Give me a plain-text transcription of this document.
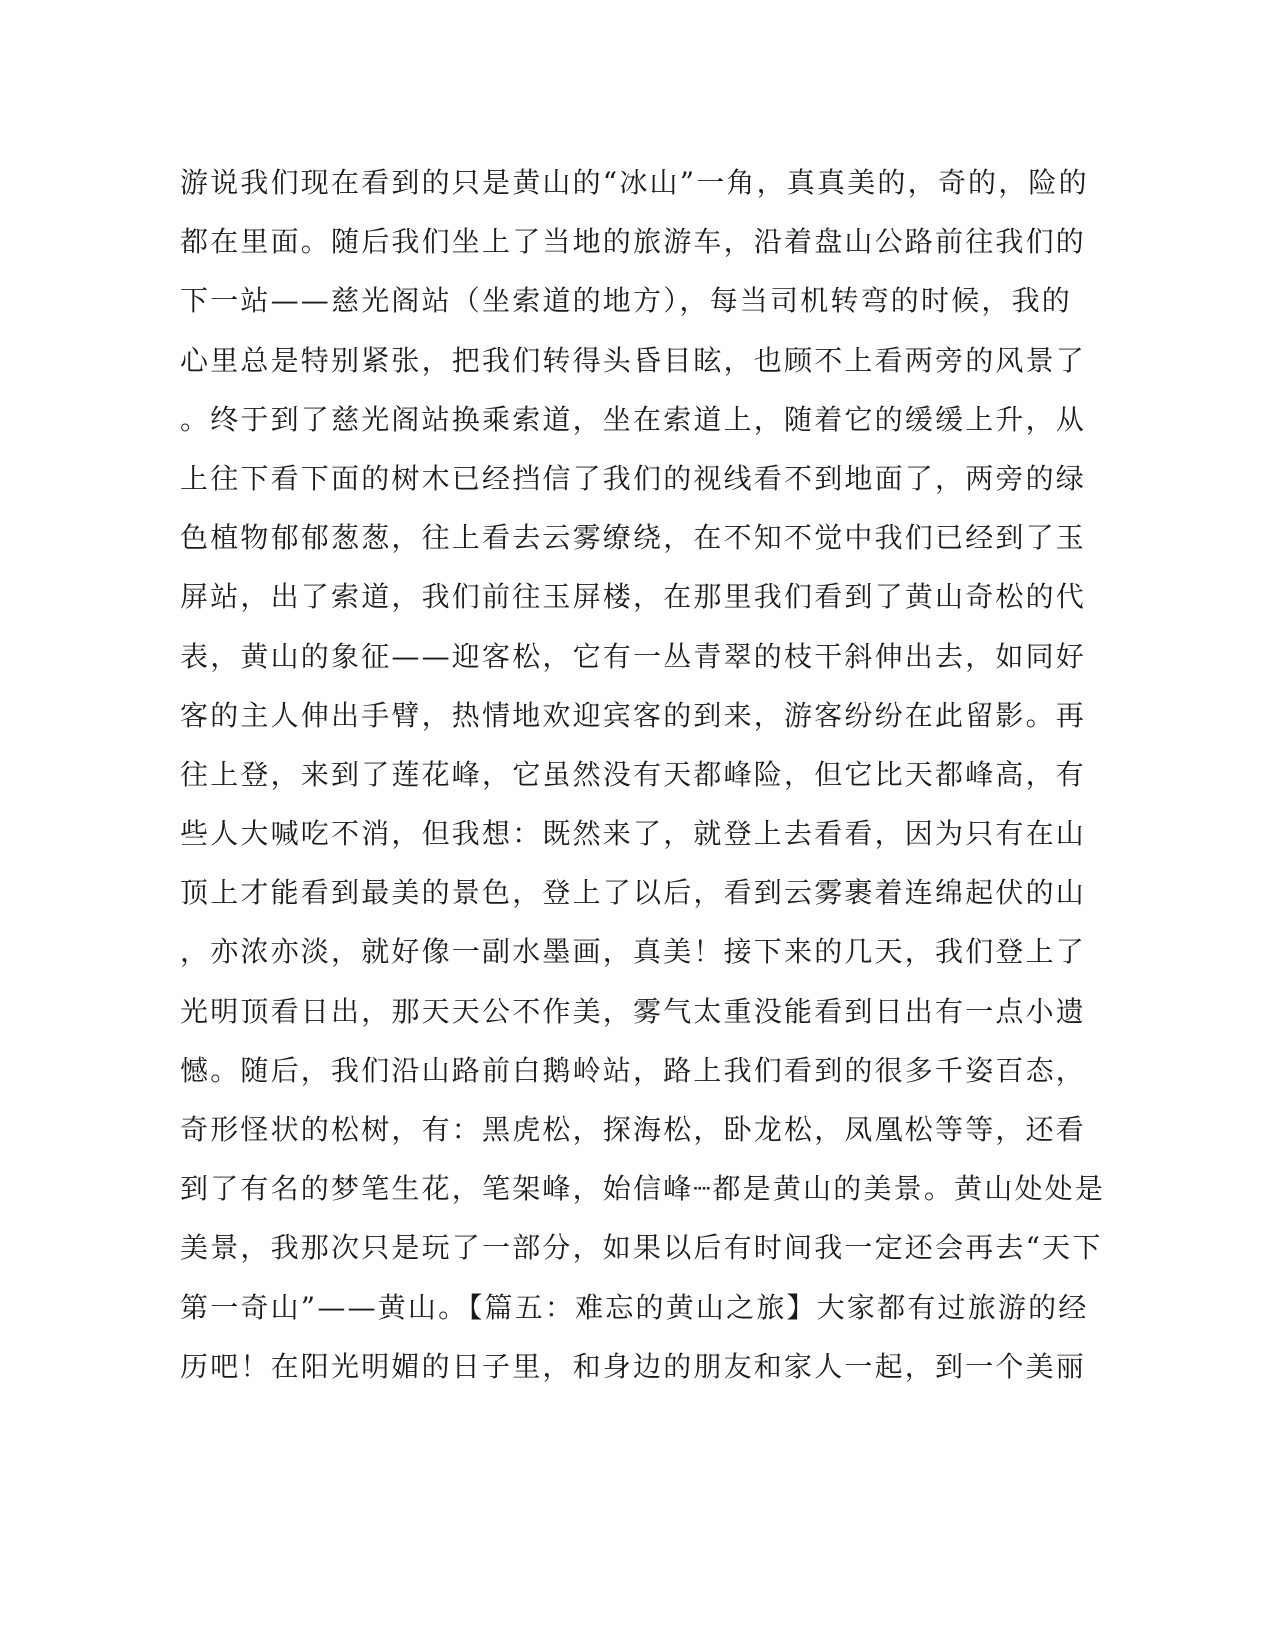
游说我们现在看到的只是黄山的“冰山”一角，真真美的，奇的，险的
都在里面。随后我们坐上了当地的旅游车，沿着盘山公路前往我们的
下一站——慈光阁站（坐索道的地方），每当司机转弯的时候，我的
心里总是特别紧张，把我们转得头昏目眩，也顾不上看两旁的风景了
。终于到了慈光阁站换乘索道，坐在索道上，随着它的缓缓上升，从
上往下看下面的树木已经挡信了我们的视线看不到地面了，两旁的绿
色植物郁郁葱葱，往上看去云雾缭绕，在不知不觉中我们已经到了玉
屏站，出了索道，我们前往玉屏楼，在那里我们看到了黄山奇松的代
表，黄山的象征——迎客松，它有一丛青翠的枝干斜伸出去，如同好
客的主人伸出手臂，热情地欢迎宾客的到来，游客纷纷在此留影。再
往上登，来到了莲花峰，它虽然没有天都峰险，但它比天都峰高，有
些人大喊吃不消，但我想：既然来了，就登上去看看，因为只有在山
顶上才能看到最美的景色，登上了以后，看到云雾裹着连绵起伏的山
，亦浓亦淡，就好像一副水墨画，真美！接下来的几天，我们登上了
光明顶看日出，那天天公不作美，雾气太重没能看到日出有一点小遗
憾。随后，我们沿山路前白鹅岭站，路上我们看到的很多千姿百态，
奇形怪状的松树，有：黑虎松，探海松，卧龙松，凤凰松等等，还看
到了有名的梦笔生花，笔架峰，始信峰┈都是黄山的美景。黄山处处是
美景，我那次只是玩了一部分，如果以后有时间我一定还会再去“天下
第一奇山”——黄山。【篇五：难忘的黄山之旅】大家都有过旅游的经
历吧！在阳光明媚的日子里，和身边的朋友和家人一起，到一个美丽
